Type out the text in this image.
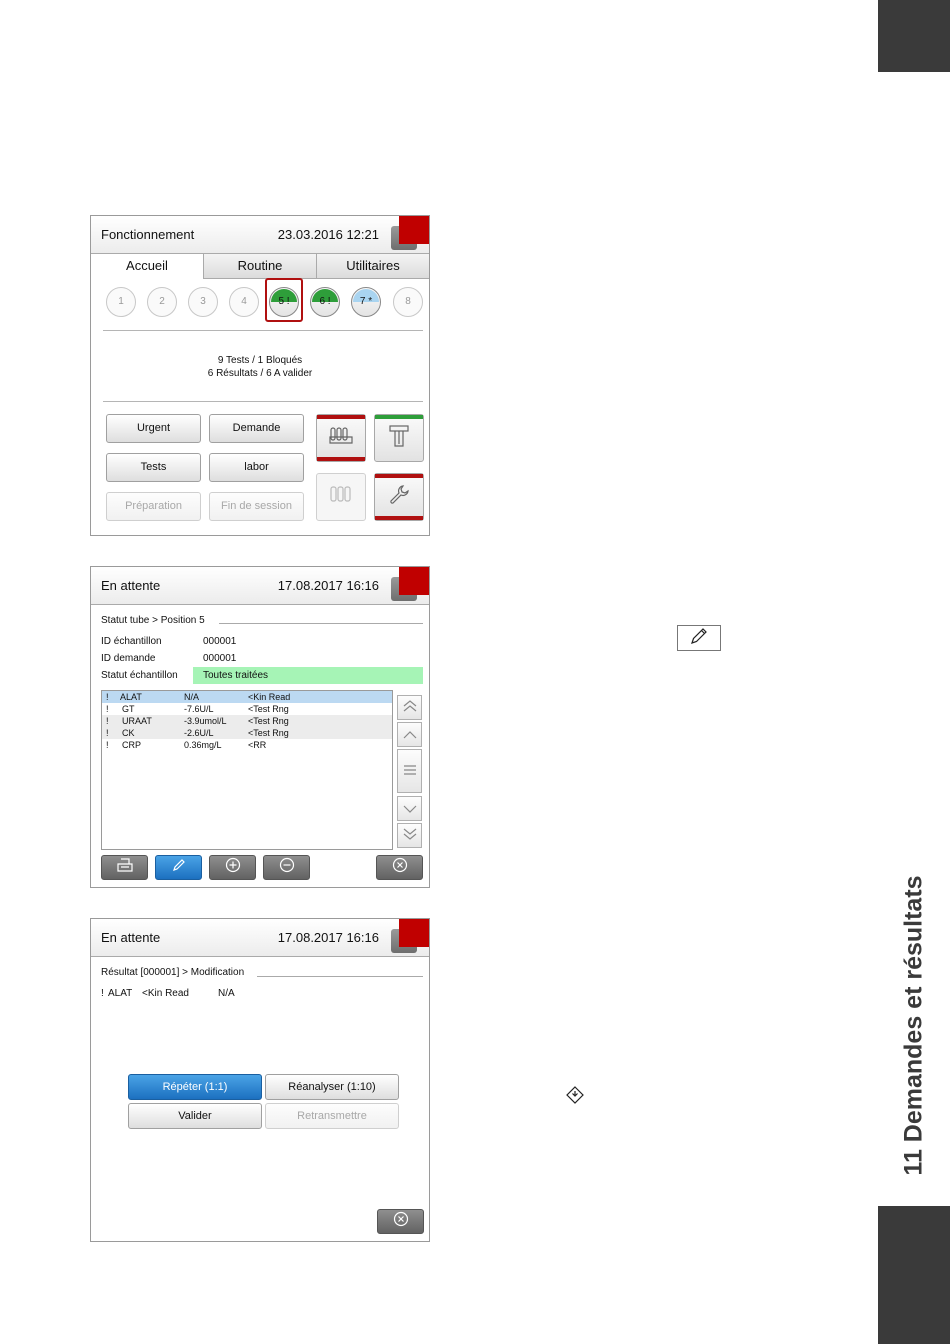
11 Demandes et résultats
Fonctionnement	23.03.2016 12:21
Accueil	Routine	Utilitaires
1	2	3	4	5 !	6 !	7 *	8
9 Tests / 1 Bloqués
6 Résultats / 6 A valider
Urgent	Demande
Tests	labor
Préparation	Fin de session
En attente	17.08.2017 16:16
Statut tube > Position 5
ID échantillon	000001
ID demande	000001
Statut échantillon	Toutes traitées
! ALAT	N/A	<Kin Read
! GT	-7.6U/L	<Test Rng
! URAAT	-3.9umol/L <Test Rng
! CK	-2.6U/L	<Test Rng
! CRP	0.36mg/L	<RR
En attente	17.08.2017 16:16
Résultat [000001] > Modification
! ALAT <Kin Read	N/A
Répéter (1:1)	Réanalyser (1:10)
Valider	Retransmettre
